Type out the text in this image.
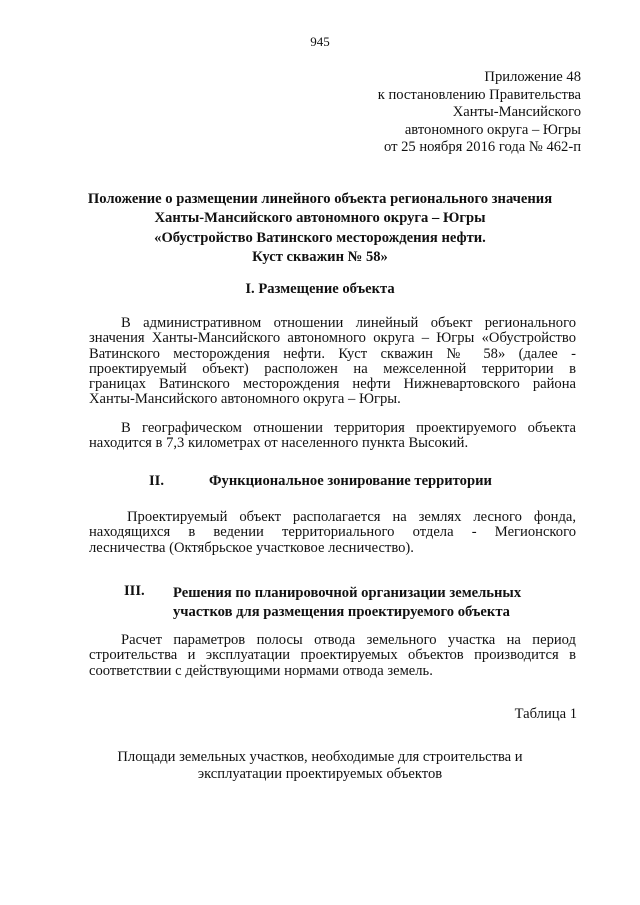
945
Приложение 48
к постановлению Правительства
Ханты-Мансийского
автономного округа – Югры
от 25 ноября 2016 года № 462-п
Положение о размещении линейного объекта регионального значения
Ханты-Мансийского автономного округа – Югры
«Обустройство Ватинского месторождения нефти.
Куст скважин № 58»
I. Размещение объекта
В административном отношении линейный объект регионального
значения Ханты-Мансийского автономного округа – Югры «Обустройство
Ватинского месторождения нефти. Куст скважин № 58» (далее -
проектируемый объект) расположен на межселенной территории в
границах Ватинского месторождения нефти Нижневартовского района
Ханты-Мансийского автономного округа – Югры.
В географическом отношении территория проектируемого объекта
находится в 7,3 километрах от населенного пункта Высокий.
II.	Функциональное зонирование территории
Проектируемый объект располагается на землях лесного фонда,
находящихся в ведении территориального отдела - Мегионского
лесничества (Октябрьское участковое лесничество).
III. Решения по планировочной организации земельных
участков для размещения проектируемого объекта
Расчет параметров полосы отвода земельного участка на период
строительства и эксплуатации проектируемых объектов производится в
соответствии с действующими нормами отвода земель.
Таблица 1
Площади земельных участков, необходимые для строительства и
эксплуатации проектируемых объектов
